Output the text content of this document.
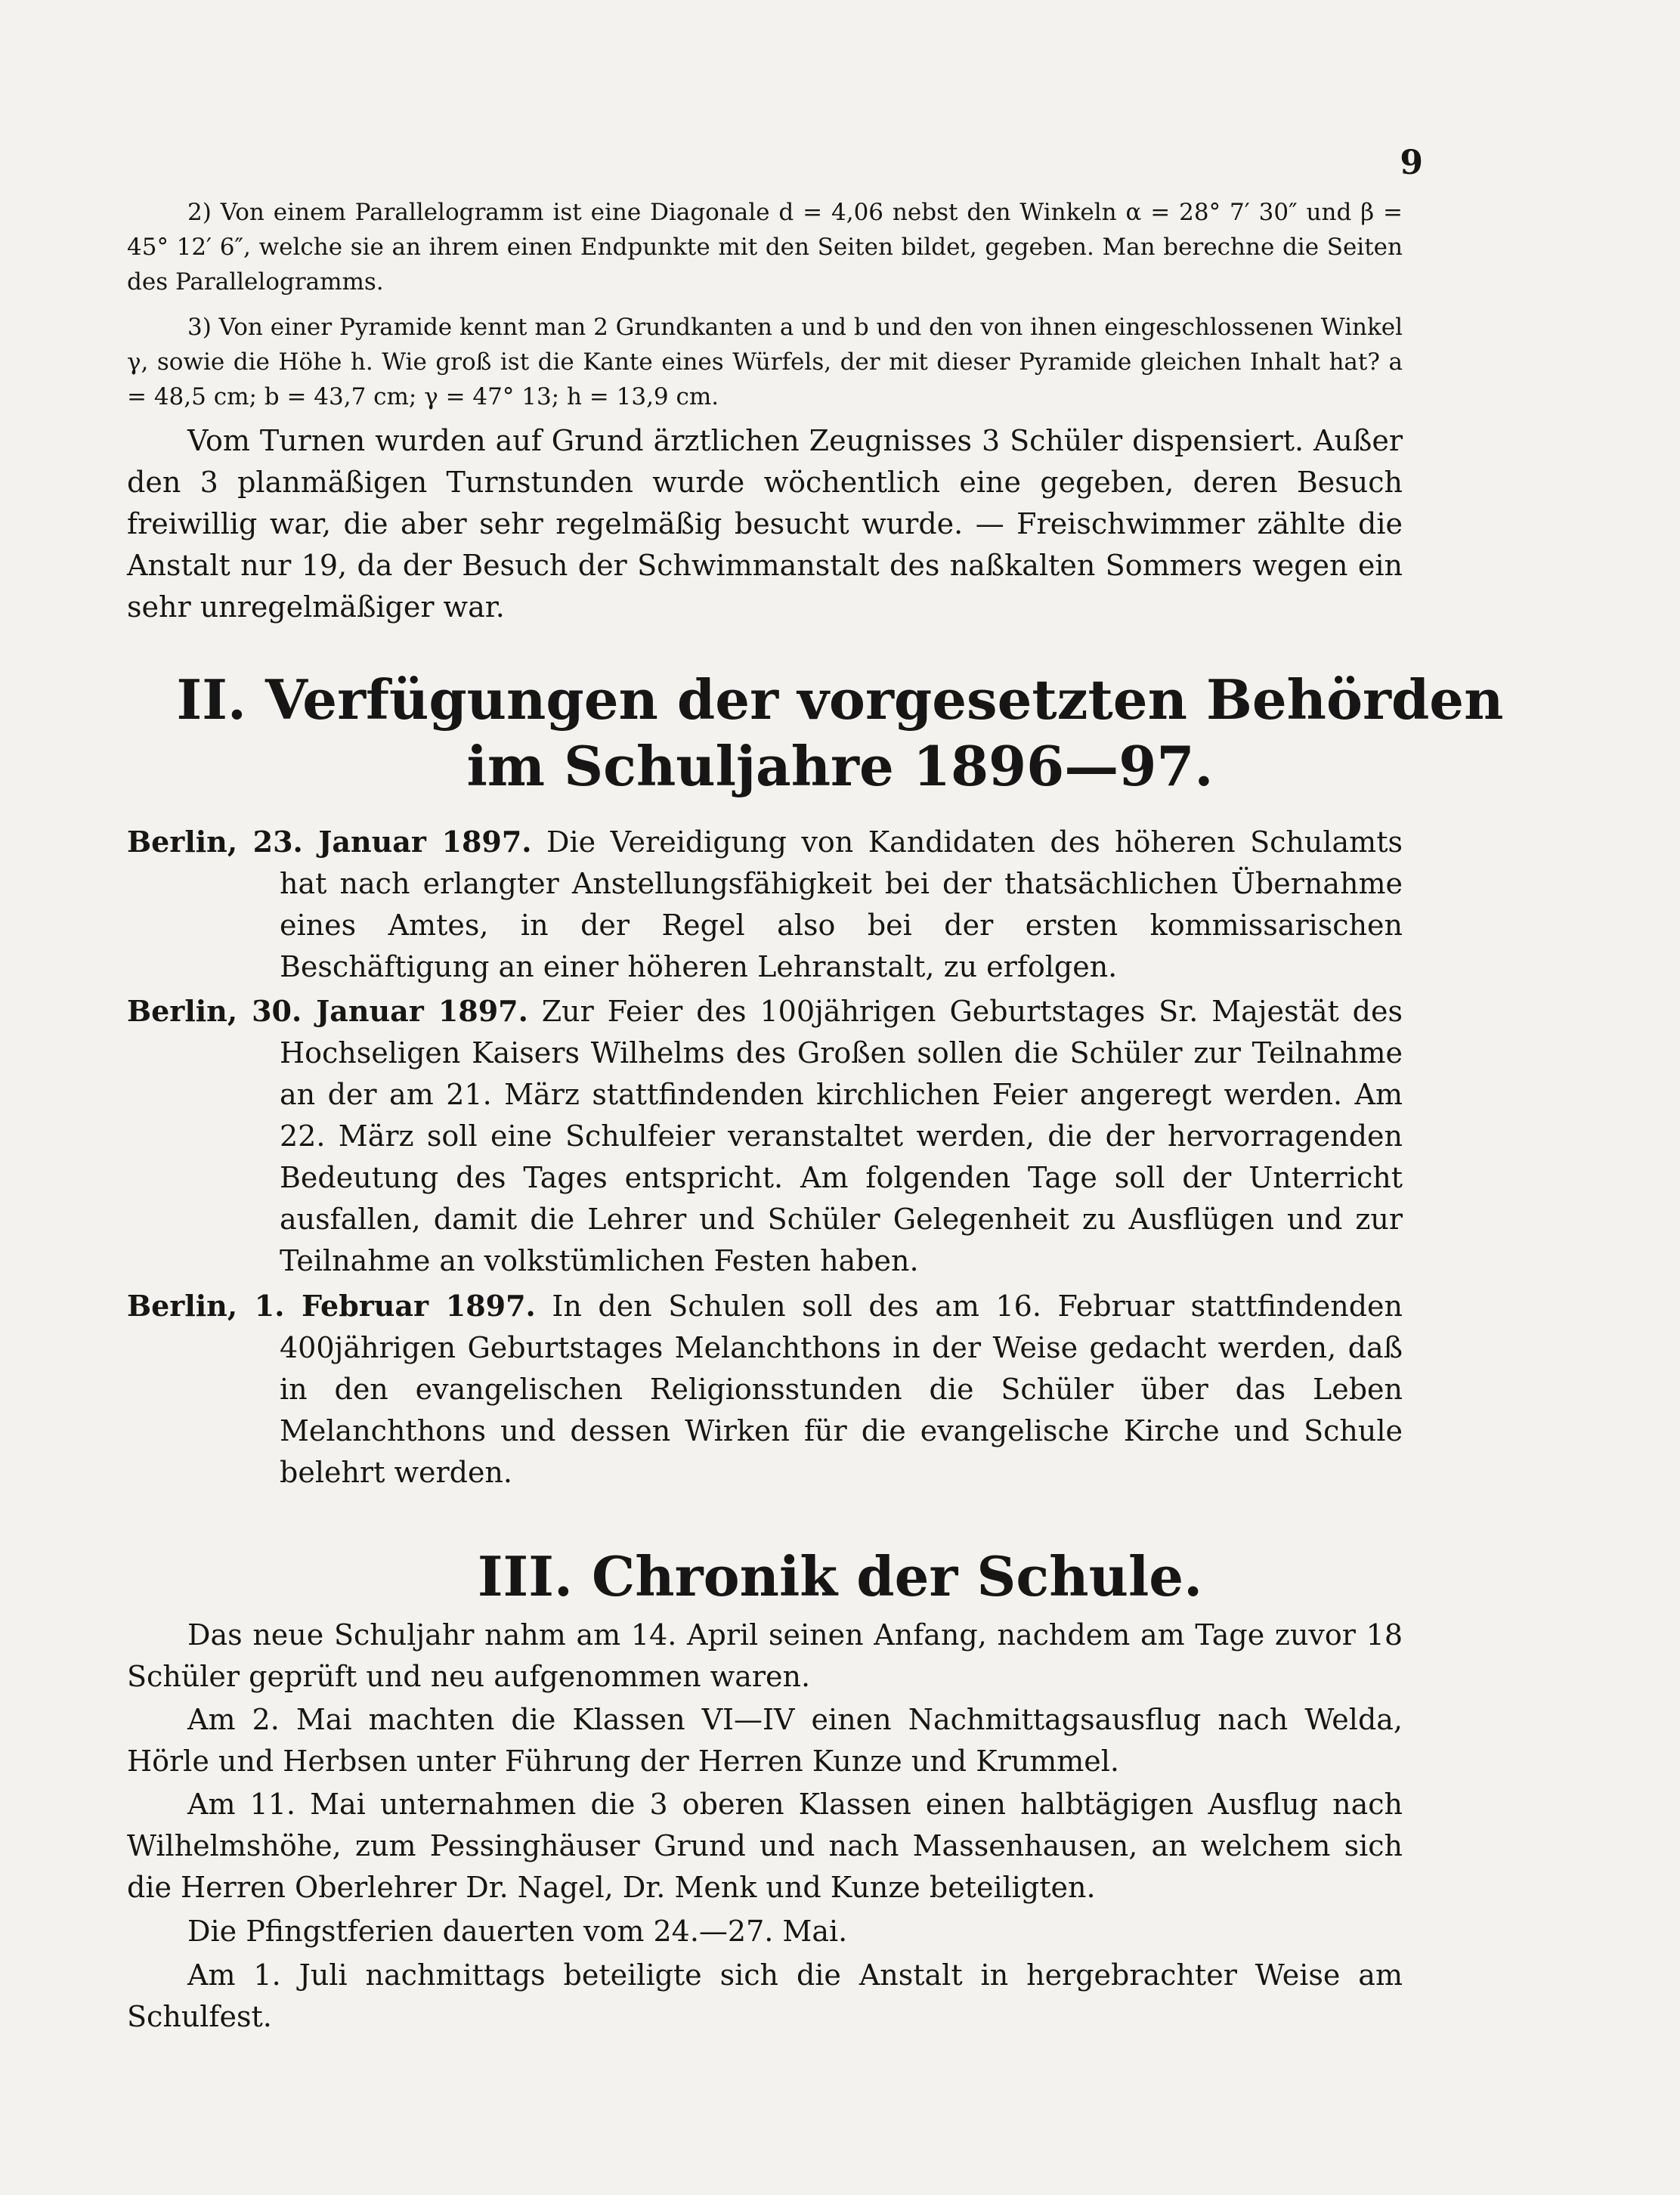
9

2) Von einem Parallelogramm ist eine Diagonale d = 4,06 nebst den Winkeln α = 28° 7′ 30″ und β = 45° 12′ 6″, welche sie an ihrem einen Endpunkte mit den Seiten bildet, gegeben. Man berechne die Seiten des Parallelogramms.

3) Von einer Pyramide kennt man 2 Grundkanten a und b und den von ihnen eingeschlossenen Winkel γ, sowie die Höhe h. Wie groß ist die Kante eines Würfels, der mit dieser Pyramide gleichen Inhalt hat? a = 48,5 cm; b = 43,7 cm; γ = 47° 13; h = 13,9 cm.

Vom Turnen wurden auf Grund ärztlichen Zeugnisses 3 Schüler dispensiert. Außer den 3 planmäßigen Turnstunden wurde wöchentlich eine gegeben, deren Besuch freiwillig war, die aber sehr regelmäßig besucht wurde. — Freischwimmer zählte die Anstalt nur 19, da der Besuch der Schwimmanstalt des naßkalten Sommers wegen ein sehr unregelmäßiger war.

II. Verfügungen der vorgesetzten Behörden
im Schuljahre 1896—97.

Berlin, 23. Januar 1897. Die Vereidigung von Kandidaten des höheren Schulamts hat nach erlangter Anstellungsfähigkeit bei der thatsächlichen Übernahme eines Amtes, in der Regel also bei der ersten kommissarischen Beschäftigung an einer höheren Lehranstalt, zu erfolgen.

Berlin, 30. Januar 1897. Zur Feier des 100jährigen Geburtstages Sr. Majestät des Hochseligen Kaisers Wilhelms des Großen sollen die Schüler zur Teilnahme an der am 21. März stattfindenden kirchlichen Feier angeregt werden. Am 22. März soll eine Schulfeier veranstaltet werden, die der hervorragenden Bedeutung des Tages entspricht. Am folgenden Tage soll der Unterricht ausfallen, damit die Lehrer und Schüler Gelegenheit zu Ausflügen und zur Teilnahme an volkstümlichen Festen haben.

Berlin, 1. Februar 1897. In den Schulen soll des am 16. Februar stattfindenden 400jährigen Geburtstages Melanchthons in der Weise gedacht werden, daß in den evangelischen Religionsstunden die Schüler über das Leben Melanchthons und dessen Wirken für die evangelische Kirche und Schule belehrt werden.

III. Chronik der Schule.

Das neue Schuljahr nahm am 14. April seinen Anfang, nachdem am Tage zuvor 18 Schüler geprüft und neu aufgenommen waren.

Am 2. Mai machten die Klassen VI—IV einen Nachmittagsausflug nach Welda, Hörle und Herbsen unter Führung der Herren Kunze und Krummel.

Am 11. Mai unternahmen die 3 oberen Klassen einen halbtägigen Ausflug nach Wilhelmshöhe, zum Pessinghäuser Grund und nach Massenhausen, an welchem sich die Herren Oberlehrer Dr. Nagel, Dr. Menk und Kunze beteiligten.

Die Pfingstferien dauerten vom 24.—27. Mai.

Am 1. Juli nachmittags beteiligte sich die Anstalt in hergebrachter Weise am Schulfest.
